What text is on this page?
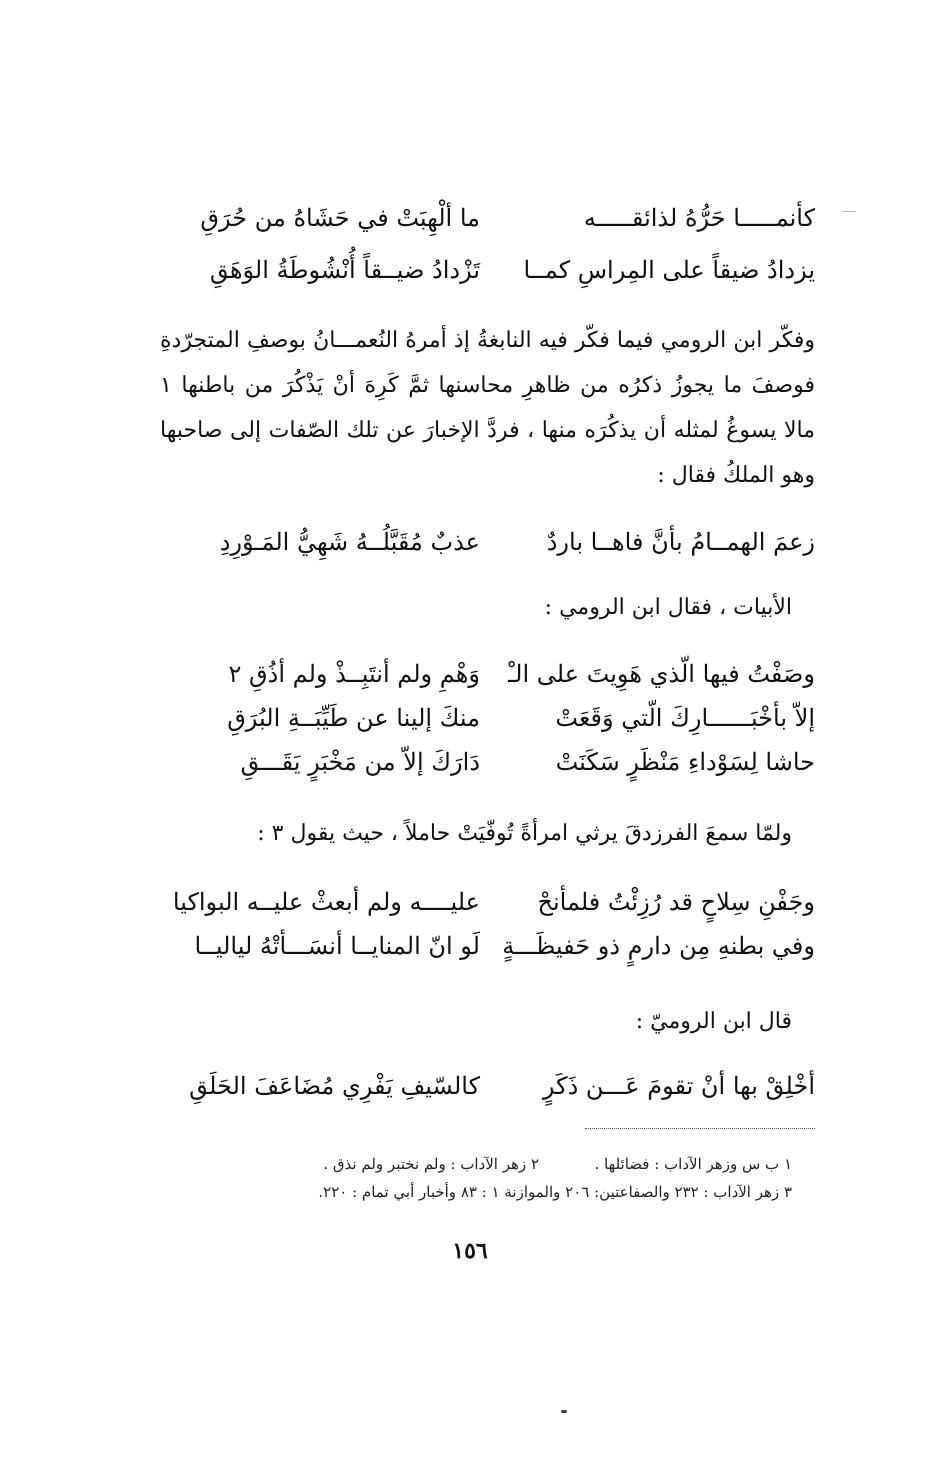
كأنمـــــا حَرُّهُ لذائقـــــه
ما ألْهِبَتْ في حَشَاهُ من حُرَقِ
يزدادُ ضيقاً على المِراسِ كمــا
تَزْدادُ ضيــقاً أُنْشُوطَةُ الوَهَقِ
وفكّر ابن الرومي فيما فكّر فيه النابغةُ إذ أمرهُ النُعمـــانُ بوصفِ المتجرّدةِ فوصفَ ما يجوزُ ذكرُه من ظاهرِ محاسنها ثمَّ كَرِهَ أنْ يَذْكُرَ من باطنها ١ مالا يسوغُ لمثله أن يذكُرَه منها ، فردَّ الإخبارَ عن تلك الصّفات إلى صاحبها وهو الملكُ فقال :
زعمَ الهمــامُ بأنَّ فاهــا باردٌ
عذبٌ مُقَبَّلُــهُ شَهِيُّ المَـوْرِدِ
الأبيات ، فقال ابن الرومي :
وصَفْتُ فيها الّذي هَوِيتَ على الـْ
وَهْمِ ولم أنتَبِــذْ ولم أذُقِ ٢
إلاّ بأخْبَــــــارِكَ الّتي وَقَعَتْ
منكَ إلينا عن طَيِّبَــةِ البُرَقِ
حاشا لِسَوْداءِ مَنْظَرٍ سَكَنَتْ
دَارَكَ إلاّ من مَخْبَرٍ يَقَـــقِ
ولمّا سمعَ الفرزدقَ يرثي امرأةً تُوفّيَتْ حاملاً ، حيث يقول ٣ :
وجَفْنِ سِلاحٍ قد رُزِئْتُ فلمأنحْ
عليــــه ولم أبعثْ عليــه البواكيا
وفي بطنهِ مِن دارمٍ ذو حَفيظَـــةٍ
لَو انّ المنايــا أنسَـــأتْهُ لياليــا
قال ابن الروميّ :
أخْلِقْ بها أنْ تقومَ عَـــن ذَكَرٍ
كالسّيفِ يَفْرِي مُضَاعَفَ الحَلَقِ
١ ب س وزهر الآداب : فضائلها .
٢ زهر الآداب : ولم نختبر ولم نذق .
٣ زهر الآداب : ٢٣٢ والصفاعتين: ٢٠٦ والموازنة ١ : ٨٣ وأخبار أبي تمام : ٢٢٠.
١٥٦
